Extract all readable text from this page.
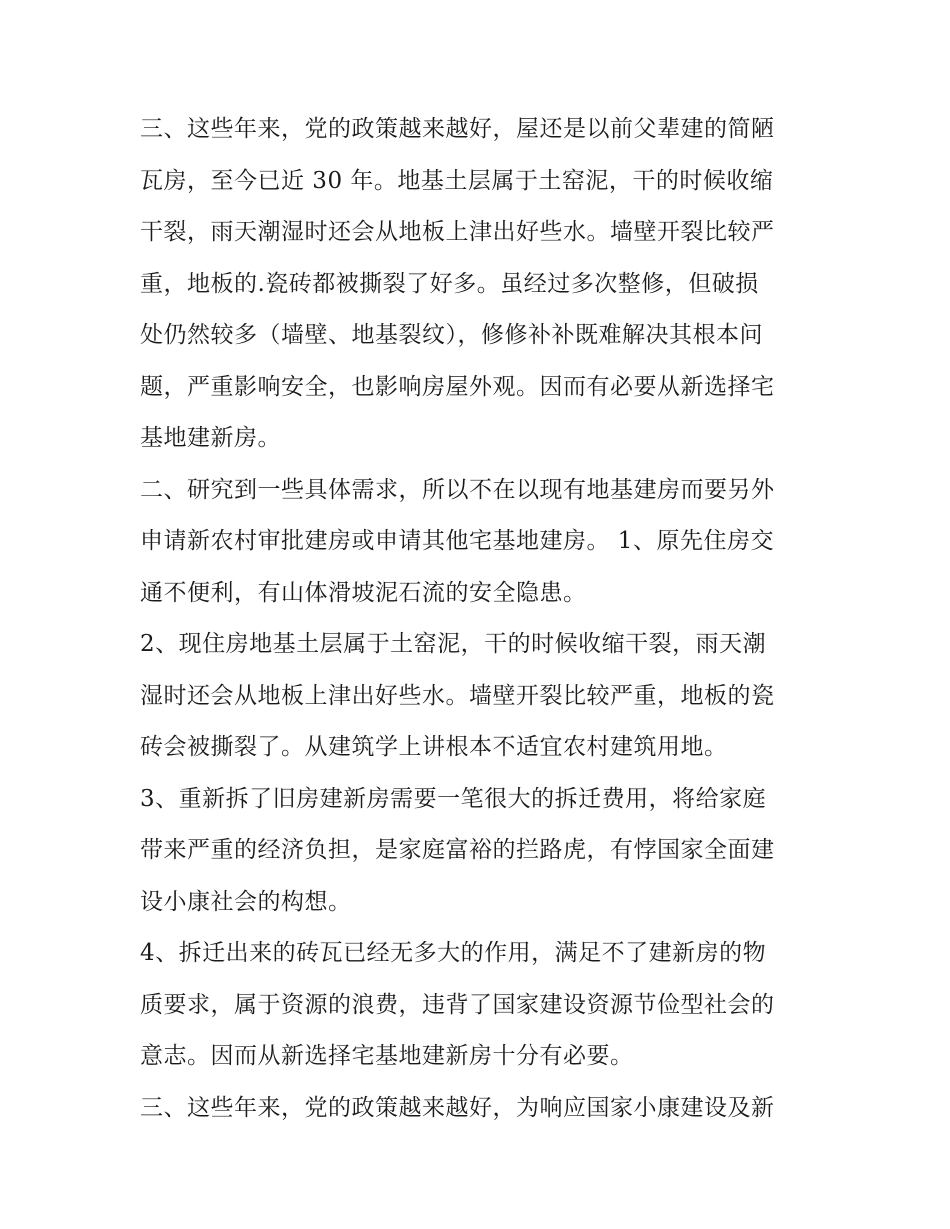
三、这些年来，党的政策越来越好，屋还是以前父辈建的简陋
瓦房，至今已近 30 年。地基土层属于土窑泥，干的时候收缩
干裂，雨天潮湿时还会从地板上津出好些水。墙壁开裂比较严
重，地板的.瓷砖都被撕裂了好多。虽经过多次整修，但破损
处仍然较多（墙壁、地基裂纹），修修补补既难解决其根本问
题，严重影响安全，也影响房屋外观。因而有必要从新选择宅
基地建新房。
二、研究到一些具体需求，所以不在以现有地基建房而要另外
申请新农村审批建房或申请其他宅基地建房。 1、原先住房交
通不便利，有山体滑坡泥石流的安全隐患。
2、现住房地基土层属于土窑泥，干的时候收缩干裂，雨天潮
湿时还会从地板上津出好些水。墙壁开裂比较严重，地板的瓷
砖会被撕裂了。从建筑学上讲根本不适宜农村建筑用地。
3、重新拆了旧房建新房需要一笔很大的拆迁费用，将给家庭
带来严重的经济负担，是家庭富裕的拦路虎，有悖国家全面建
设小康社会的构想。
4、拆迁出来的砖瓦已经无多大的作用，满足不了建新房的物
质要求，属于资源的浪费，违背了国家建设资源节俭型社会的
意志。因而从新选择宅基地建新房十分有必要。
三、这些年来，党的政策越来越好，为响应国家小康建设及新
